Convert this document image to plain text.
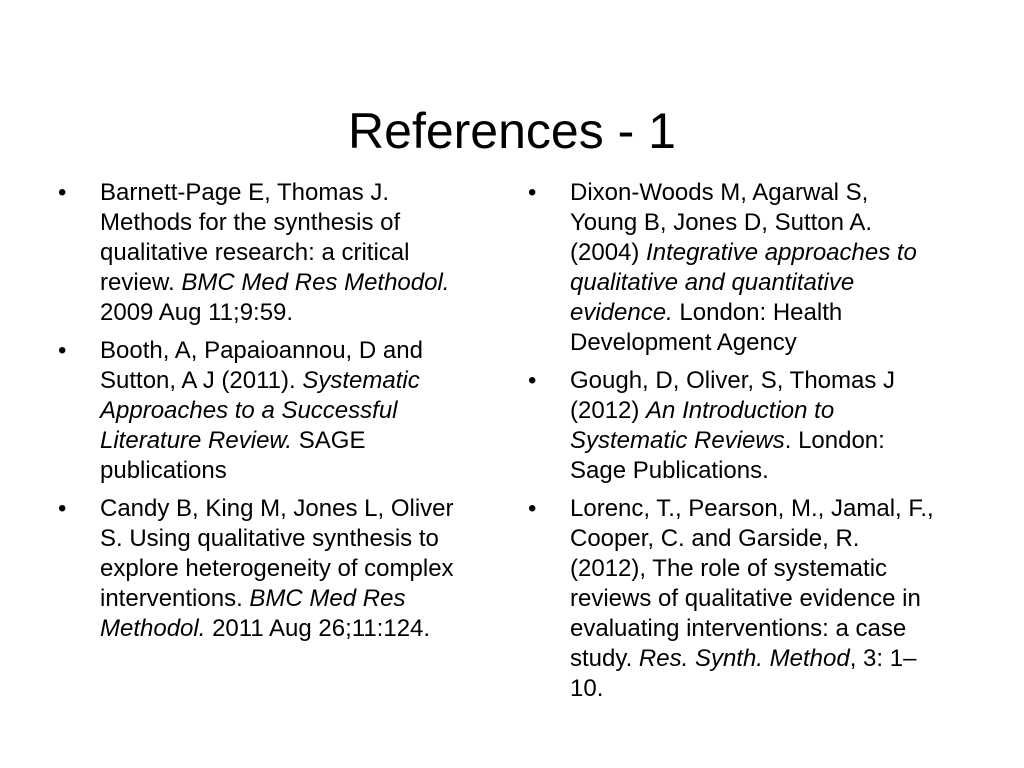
References - 1
•	Barnett-Page E, Thomas J. Methods for the synthesis of qualitative research: a critical review. BMC Med Res Methodol. 2009 Aug 11;9:59.
•	Booth, A, Papaioannou, D and Sutton, A J (2011). Systematic Approaches to a Successful Literature Review. SAGE publications
•	Candy B, King M, Jones L, Oliver S. Using qualitative synthesis to explore heterogeneity of complex interventions. BMC Med Res Methodol. 2011 Aug 26;11:124.
•	Dixon-Woods M, Agarwal S, Young B, Jones D, Sutton A. (2004) Integrative approaches to qualitative and quantitative evidence. London: Health Development Agency
•	Gough, D, Oliver, S, Thomas J (2012) An Introduction to Systematic Reviews. London: Sage Publications.
•	Lorenc, T., Pearson, M., Jamal, F., Cooper, C. and Garside, R. (2012), The role of systematic reviews of qualitative evidence in evaluating interventions: a case study. Res. Synth. Method, 3: 1–10.
